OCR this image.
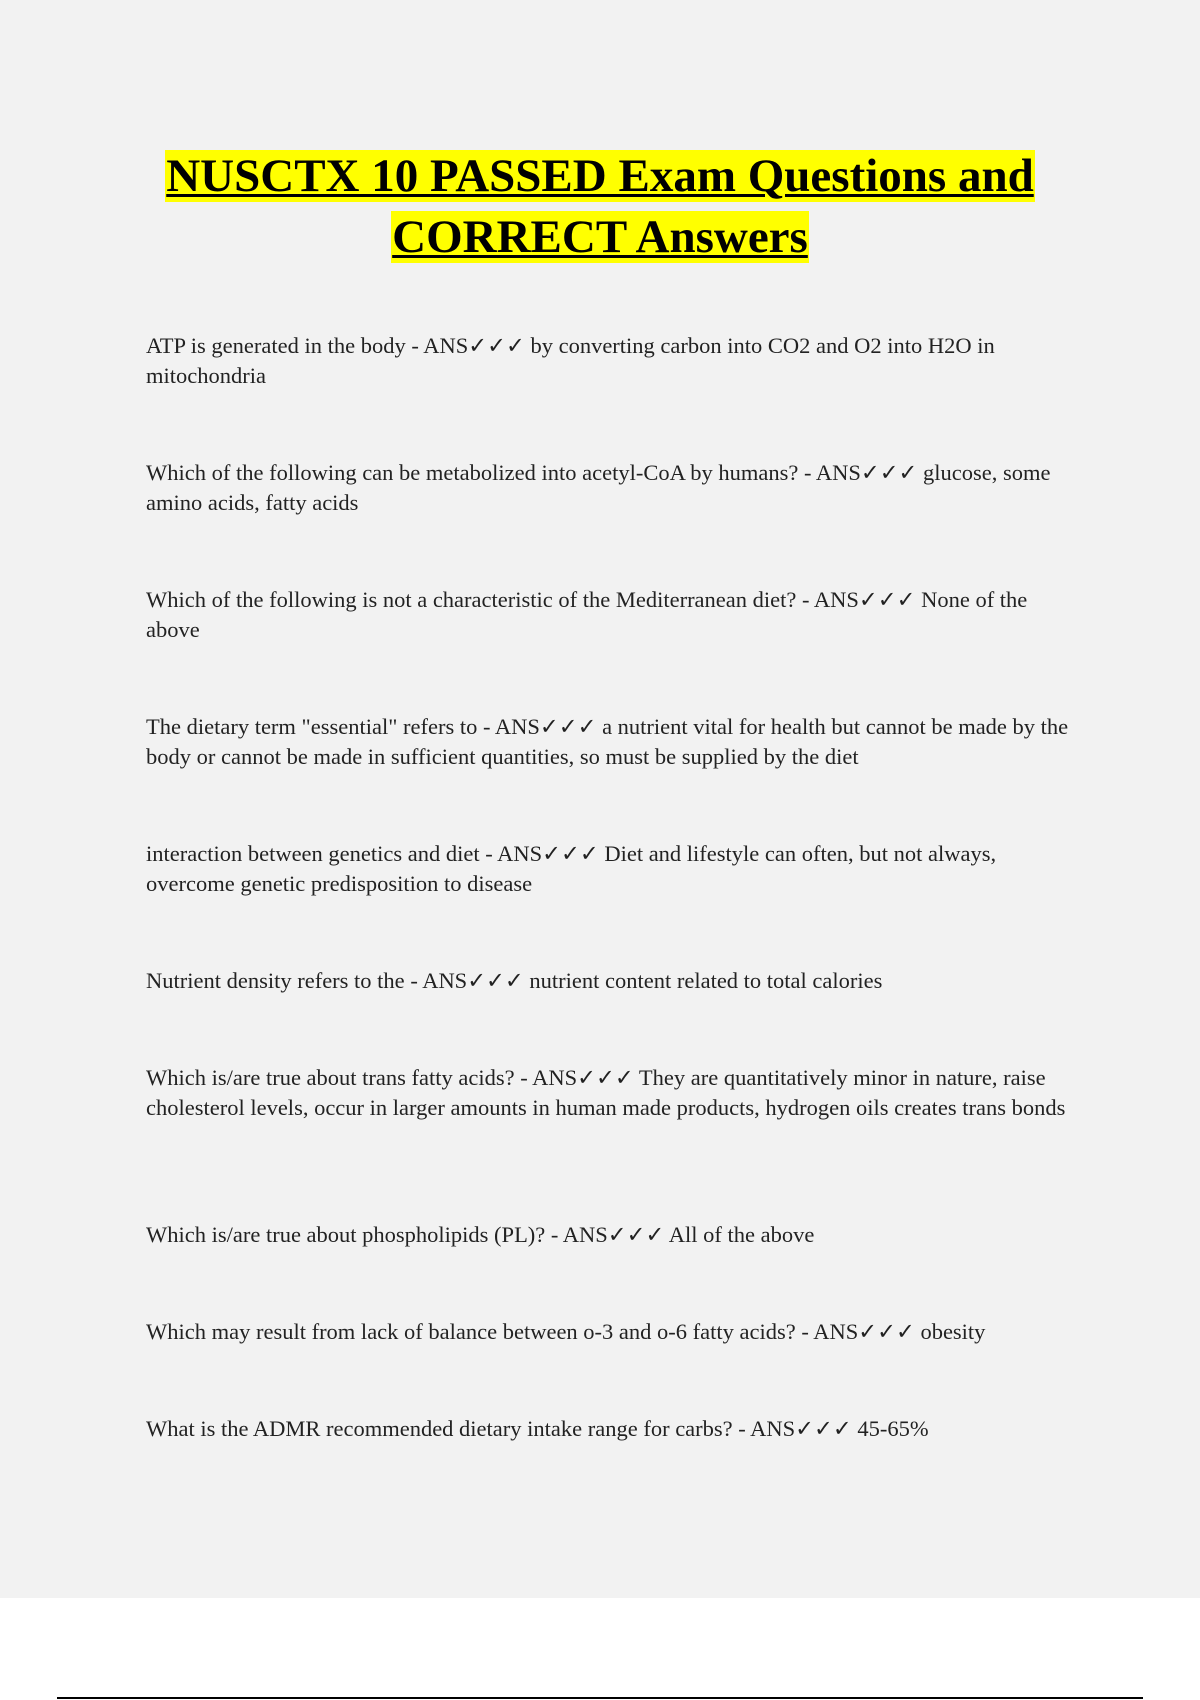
NUSCTX 10 PASSED Exam Questions and
CORRECT Answers
ATP is generated in the body - ANS✓✓✓ by converting carbon into CO2 and O2 into H2O in mitochondria
Which of the following can be metabolized into acetyl-CoA by humans? - ANS✓✓✓ glucose, some amino acids, fatty acids
Which of the following is not a characteristic of the Mediterranean diet? - ANS✓✓✓ None of the above
The dietary term "essential" refers to - ANS✓✓✓ a nutrient vital for health but cannot be made by the body or cannot be made in sufficient quantities, so must be supplied by the diet
interaction between genetics and diet - ANS✓✓✓ Diet and lifestyle can often, but not always, overcome genetic predisposition to disease
Nutrient density refers to the - ANS✓✓✓ nutrient content related to total calories
Which is/are true about trans fatty acids? - ANS✓✓✓ They are quantitatively minor in nature, raise cholesterol levels, occur in larger amounts in human made products, hydrogen oils creates trans bonds
Which is/are true about phospholipids (PL)? - ANS✓✓✓ All of the above
Which may result from lack of balance between o-3 and o-6 fatty acids? - ANS✓✓✓ obesity
What is the ADMR recommended dietary intake range for carbs? - ANS✓✓✓ 45-65%
